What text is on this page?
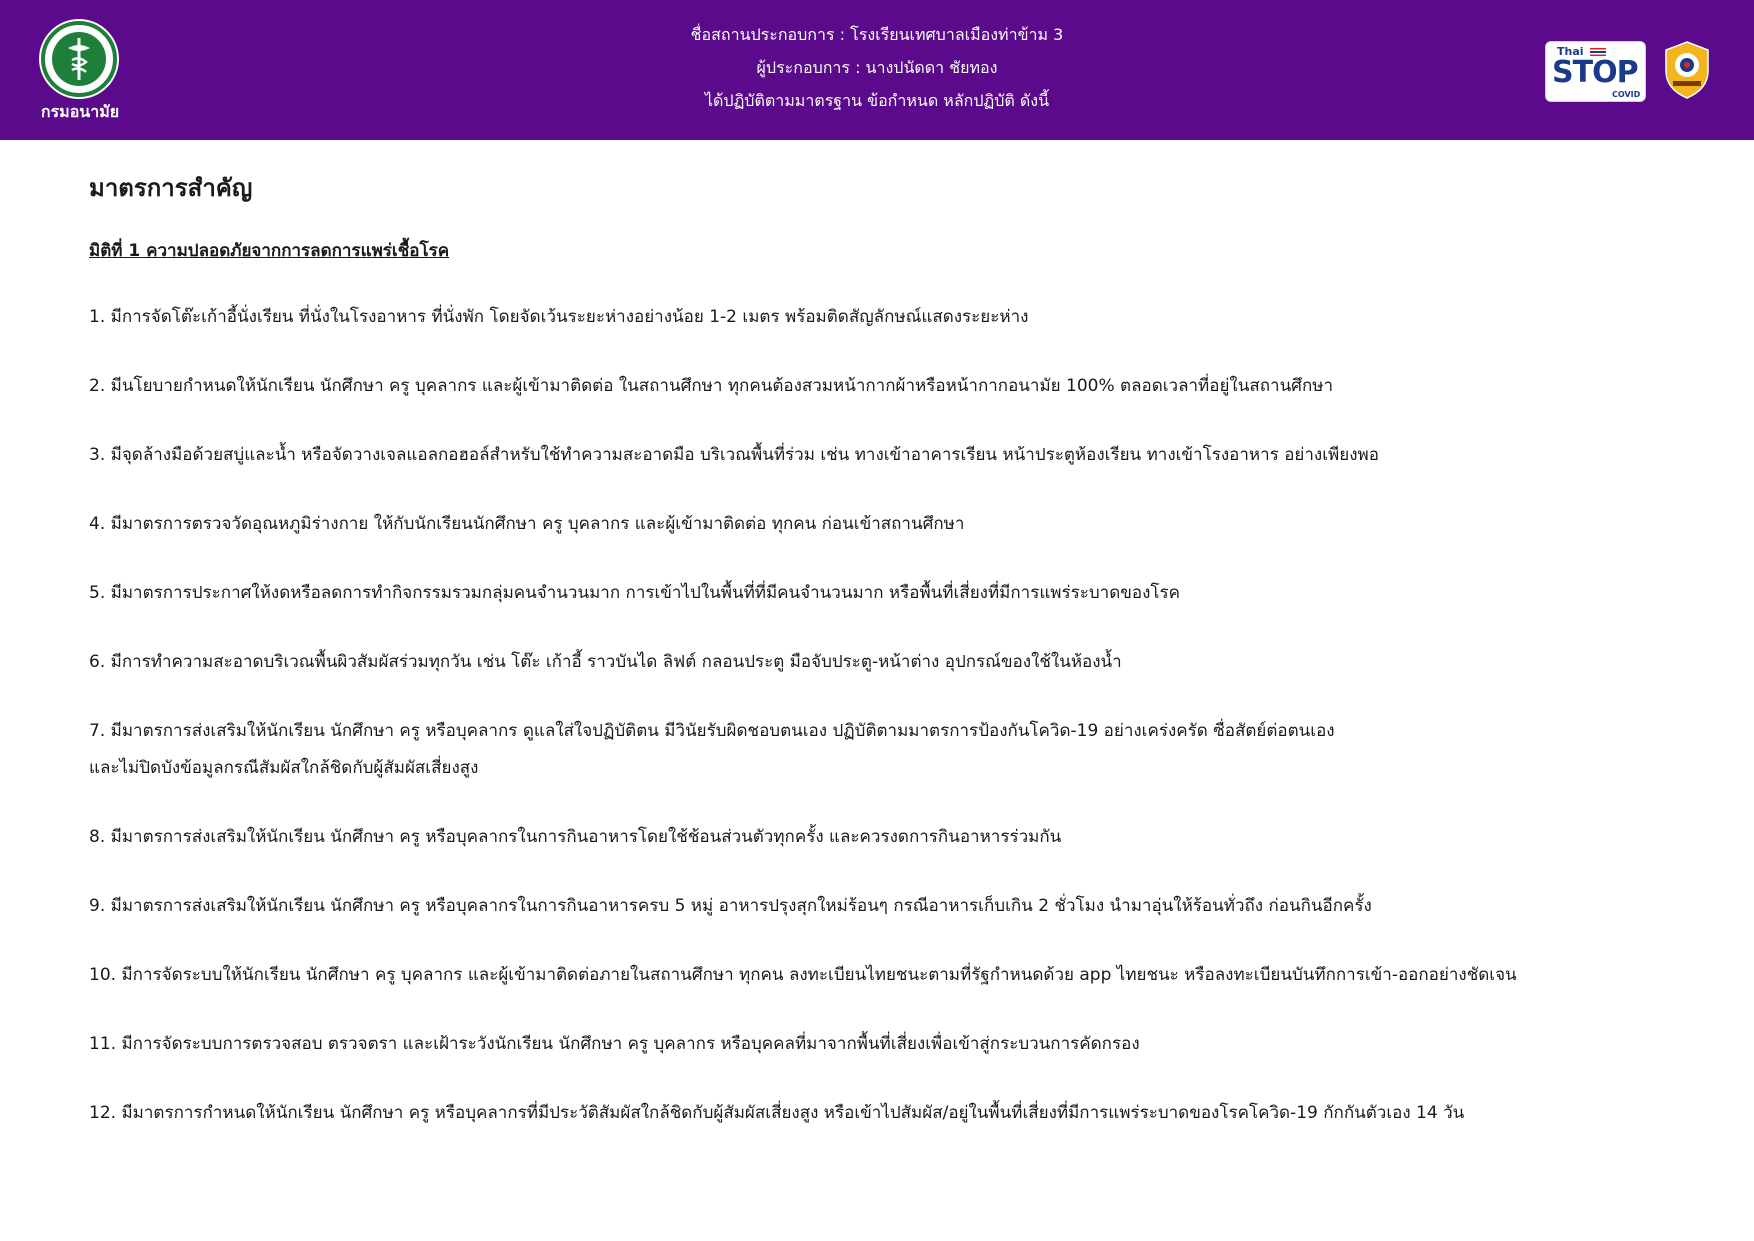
กรมอนามัย
ชื่อสถานประกอบการ : โรงเรียนเทศบาลเมืองท่าข้าม 3
ผู้ประกอบการ : นางปนัดดา ชัยทอง
ได้ปฏิบัติตามมาตรฐาน ข้อกำหนด หลักปฏิบัติ ดังนี้
Thai
STOP
COVID
มาตรการสำคัญ
มิติที่ 1 ความปลอดภัยจากการลดการแพร่เชื้อโรค
1. มีการจัดโต๊ะเก้าอี้นั่งเรียน ที่นั่งในโรงอาหาร ที่นั่งพัก โดยจัดเว้นระยะห่างอย่างน้อย 1-2 เมตร พร้อมติดสัญลักษณ์แสดงระยะห่าง
2. มีนโยบายกำหนดให้นักเรียน นักศึกษา ครู บุคลากร และผู้เข้ามาติดต่อ ในสถานศึกษา ทุกคนต้องสวมหน้ากากผ้าหรือหน้ากากอนามัย 100% ตลอดเวลาที่อยู่ในสถานศึกษา
3. มีจุดล้างมือด้วยสบู่และน้ำ หรือจัดวางเจลแอลกอฮอล์สำหรับใช้ทำความสะอาดมือ บริเวณพื้นที่ร่วม เช่น ทางเข้าอาคารเรียน หน้าประตูห้องเรียน ทางเข้าโรงอาหาร อย่างเพียงพอ
4. มีมาตรการตรวจวัดอุณหภูมิร่างกาย ให้กับนักเรียนนักศึกษา ครู บุคลากร และผู้เข้ามาติดต่อ ทุกคน ก่อนเข้าสถานศึกษา
5. มีมาตรการประกาศให้งดหรือลดการทำกิจกรรมรวมกลุ่มคนจำนวนมาก การเข้าไปในพื้นที่ที่มีคนจำนวนมาก หรือพื้นที่เสี่ยงที่มีการแพร่ระบาดของโรค
6. มีการทำความสะอาดบริเวณพื้นผิวสัมผัสร่วมทุกวัน เช่น โต๊ะ เก้าอี้ ราวบันได ลิฟต์ กลอนประตู มือจับประตู-หน้าต่าง อุปกรณ์ของใช้ในห้องน้ำ
7. มีมาตรการส่งเสริมให้นักเรียน นักศึกษา ครู หรือบุคลากร ดูแลใส่ใจปฏิบัติตน มีวินัยรับผิดชอบตนเอง ปฏิบัติตามมาตรการป้องกันโควิด-19 อย่างเคร่งครัด ซื่อสัตย์ต่อตนเอง
และไม่ปิดบังข้อมูลกรณีสัมผัสใกล้ชิดกับผู้สัมผัสเสี่ยงสูง
8. มีมาตรการส่งเสริมให้นักเรียน นักศึกษา ครู หรือบุคลากรในการกินอาหารโดยใช้ช้อนส่วนตัวทุกครั้ง และควรงดการกินอาหารร่วมกัน
9. มีมาตรการส่งเสริมให้นักเรียน นักศึกษา ครู หรือบุคลากรในการกินอาหารครบ 5 หมู่ อาหารปรุงสุกใหม่ร้อนๆ กรณีอาหารเก็บเกิน 2 ชั่วโมง นำมาอุ่นให้ร้อนทั่วถึง ก่อนกินอีกครั้ง
10. มีการจัดระบบให้นักเรียน นักศึกษา ครู บุคลากร และผู้เข้ามาติดต่อภายในสถานศึกษา ทุกคน ลงทะเบียนไทยชนะตามที่รัฐกำหนดด้วย app ไทยชนะ หรือลงทะเบียนบันทึกการเข้า-ออกอย่างชัดเจน
11. มีการจัดระบบการตรวจสอบ ตรวจตรา และเฝ้าระวังนักเรียน นักศึกษา ครู บุคลากร หรือบุคคลที่มาจากพื้นที่เสี่ยงเพื่อเข้าสู่กระบวนการคัดกรอง
12. มีมาตรการกำหนดให้นักเรียน นักศึกษา ครู หรือบุคลากรที่มีประวัติสัมผัสใกล้ชิดกับผู้สัมผัสเสี่ยงสูง หรือเข้าไปสัมผัส/อยู่ในพื้นที่เสี่ยงที่มีการแพร่ระบาดของโรคโควิด-19 กักกันตัวเอง 14 วัน
